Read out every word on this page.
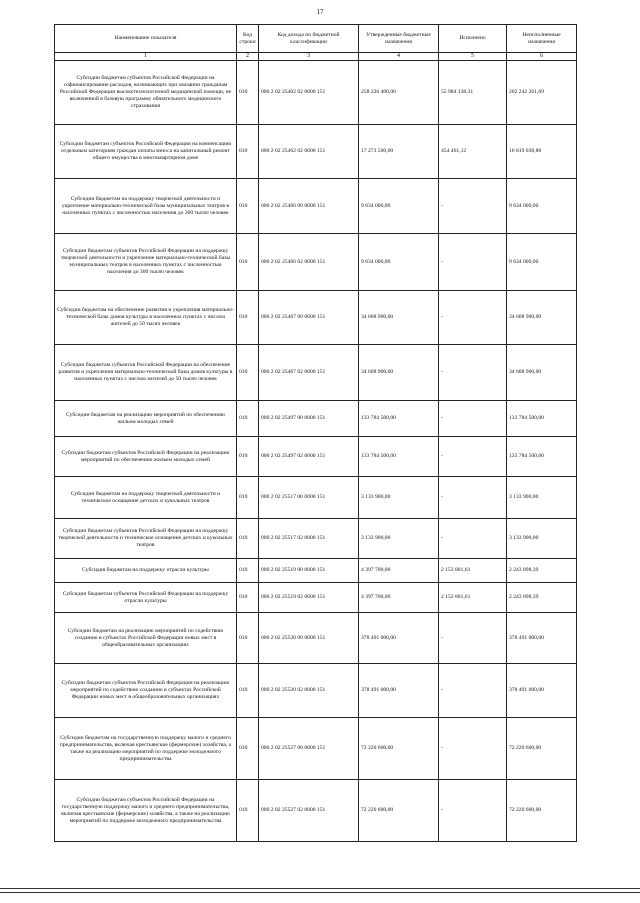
17
Наименование показателя	Код строки	Код дохода по бюджетной классификации	Утвержденные бюджетные назначения	Исполнено	Неисполненные назначения
1	2	3	4	5	6
Субсидии бюджетам субъектов Российской Федерации на софинансирование расходов, возникающих при оказании гражданам Российской Федерации высокотехнологичной медицинской помощи, не включенной в базовую программу обязательного медицинского страхования	010	000 2 02 25402 02 0000 151	258 226 400,00	55 984 138,31	202 242 261,69
Субсидии бюджетам субъектов Российской Федерации на компенсацию отдельным категориям граждан оплаты взноса на капитальный ремонт общего имущества в многоквартирном доме	010	000 2 02 25462 02 0000 151	17 273 500,00	454 461,12	16 819 038,88
Субсидии бюджетам на поддержку творческой деятельности и укрепление материально-технической базы муниципальных театров в населенных пунктах с численностью населения до 300 тысяч человек	010	000 2 02 25466 00 0000 151	9 634 000,00	-	9 634 000,00
Субсидии бюджетам субъектов Российской Федерации на поддержку творческой деятельности и укрепление материально-технической базы муниципальных театров в населенных пунктах с численностью населения до 300 тысяч человек	010	000 2 02 25466 02 0000 151	9 634 000,00	-	9 634 000,00
Субсидии бюджетам на обеспечение развития и укрепления материально-технической базы домов культуры в населенных пунктах с числом жителей до 50 тысяч человек	010	000 2 02 25467 00 0000 151	34 608 900,00	-	34 608 900,00
Субсидии бюджетам субъектов Российской Федерации на обеспечение развития и укрепления материально-технической базы домов культуры в населенных пунктах с числом жителей до 50 тысяч человек	010	000 2 02 25467 02 0000 151	34 608 900,00	-	34 608 900,00
Субсидии бюджетам на реализацию мероприятий по обеспечению жильем молодых семей	010	000 2 02 25497 00 0000 151	133 784 500,00	-	133 784 500,00
Субсидии бюджетам субъектов Российской Федерации на реализацию мероприятий по обеспечению жильем молодых семей	010	000 2 02 25497 02 0000 151	133 784 500,00	-	133 784 500,00
Субсидии бюджетам на поддержку творческой деятельности и техническое оснащение детских и кукольных театров	010	000 2 02 25517 00 0000 151	3 133 900,00	-	3 133 900,00
Субсидии бюджетам субъектов Российской Федерации на поддержку творческой деятельности и техническое оснащение детских и кукольных театров	010	000 2 02 25517 02 0000 151	3 133 900,00	-	3 133 900,00
Субсидия бюджетам на поддержку отрасли культуры	010	000 2 02 25519 00 0000 151	4 397 700,00	2 153 801,61	2 243 898,39
Субсидии бюджетам субъектов Российской Федерации на поддержку отрасли культуры	010	000 2 02 25519 02 0000 151	4 397 700,00	2 153 801,61	2 243 898,39
Субсидии бюджетам на реализацию мероприятий по содействию созданию в субъектах Российской Федерации новых мест в общеобразовательных организациях	010	000 2 02 25520 00 0000 151	378 491 000,00	-	378 491 000,00
Субсидии бюджетам субъектов Российской Федерации на реализацию мероприятий по содействию созданию в субъектах Российской Федерации новых мест в общеобразовательных организациях	010	000 2 02 25520 02 0000 151	378 491 000,00	-	378 491 000,00
Субсидии бюджетам на государственную поддержку малого и среднего предпринимательства, включая крестьянские (фермерские) хозяйства, а также на реализацию мероприятий по поддержке молодежного предпринимательства	010	000 2 02 25527 00 0000 151	72 220 600,00	-	72 220 600,00
Субсидии бюджетам субъектов Российской Федерации на государственную поддержку малого и среднего предпринимательства, включая крестьянские (фермерские) хозяйства, а также на реализацию мероприятий по поддержке молодежного предпринимательства	010	000 2 02 25527 02 0000 151	72 220 600,00	-	72 220 600,00
